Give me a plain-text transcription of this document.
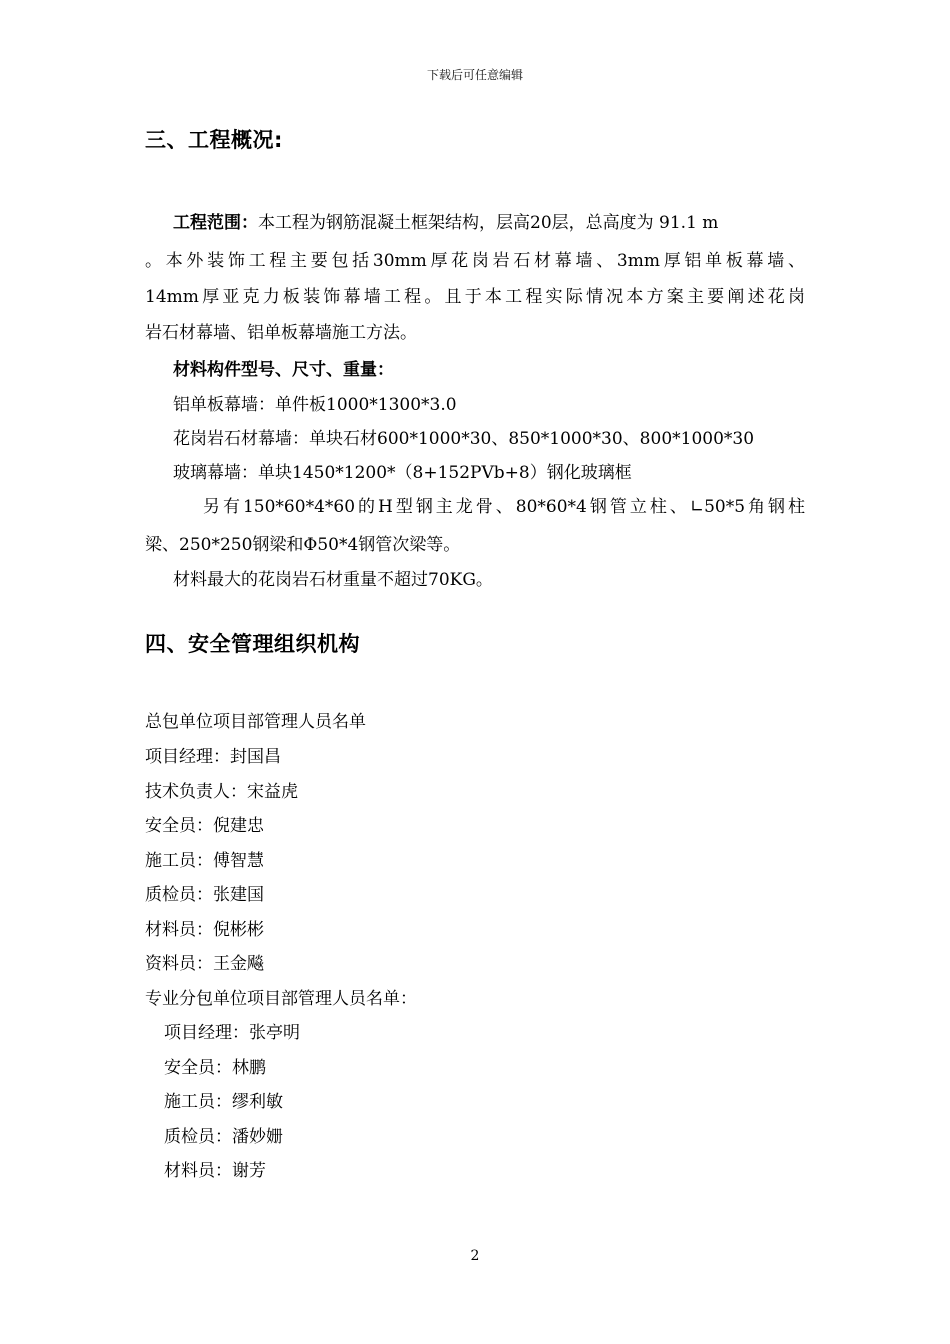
下载后可任意编辑
三、工程概况:
工程范围：本工程为钢筋混凝土框架结构，层高20层，总高度为 91.1 m
。本外装饰工程主要包括30mm厚花岗岩石材幕墙、3mm厚铝单板幕墙、
14mm厚亚克力板装饰幕墙工程。且于本工程实际情况本方案主要阐述花岗
岩石材幕墙、铝单板幕墙施工方法。
材料构件型号、尺寸、重量：
铝单板幕墙：单件板1000*1300*3.0
花岗岩石材幕墙：单块石材600*1000*30、850*1000*30、800*1000*30
玻璃幕墙：单块1450*1200*（8+152PVb+8）钢化玻璃框
另有150*60*4*60的H型钢主龙骨、80*60*4钢管立柱、∟50*5角钢柱
梁、250*250钢梁和Φ50*4钢管次梁等。
材料最大的花岗岩石材重量不超过70KG。
四、安全管理组织机构
总包单位项目部管理人员名单
项目经理：封国昌
技术负责人：宋益虎
安全员：倪建忠
施工员：傅智慧
质检员：张建国
材料员：倪彬彬
资料员：王金飚
专业分包单位项目部管理人员名单：
项目经理：张亭明
安全员：林鹏
施工员：缪利敏
质检员：潘妙姗
材料员：谢芳
2
